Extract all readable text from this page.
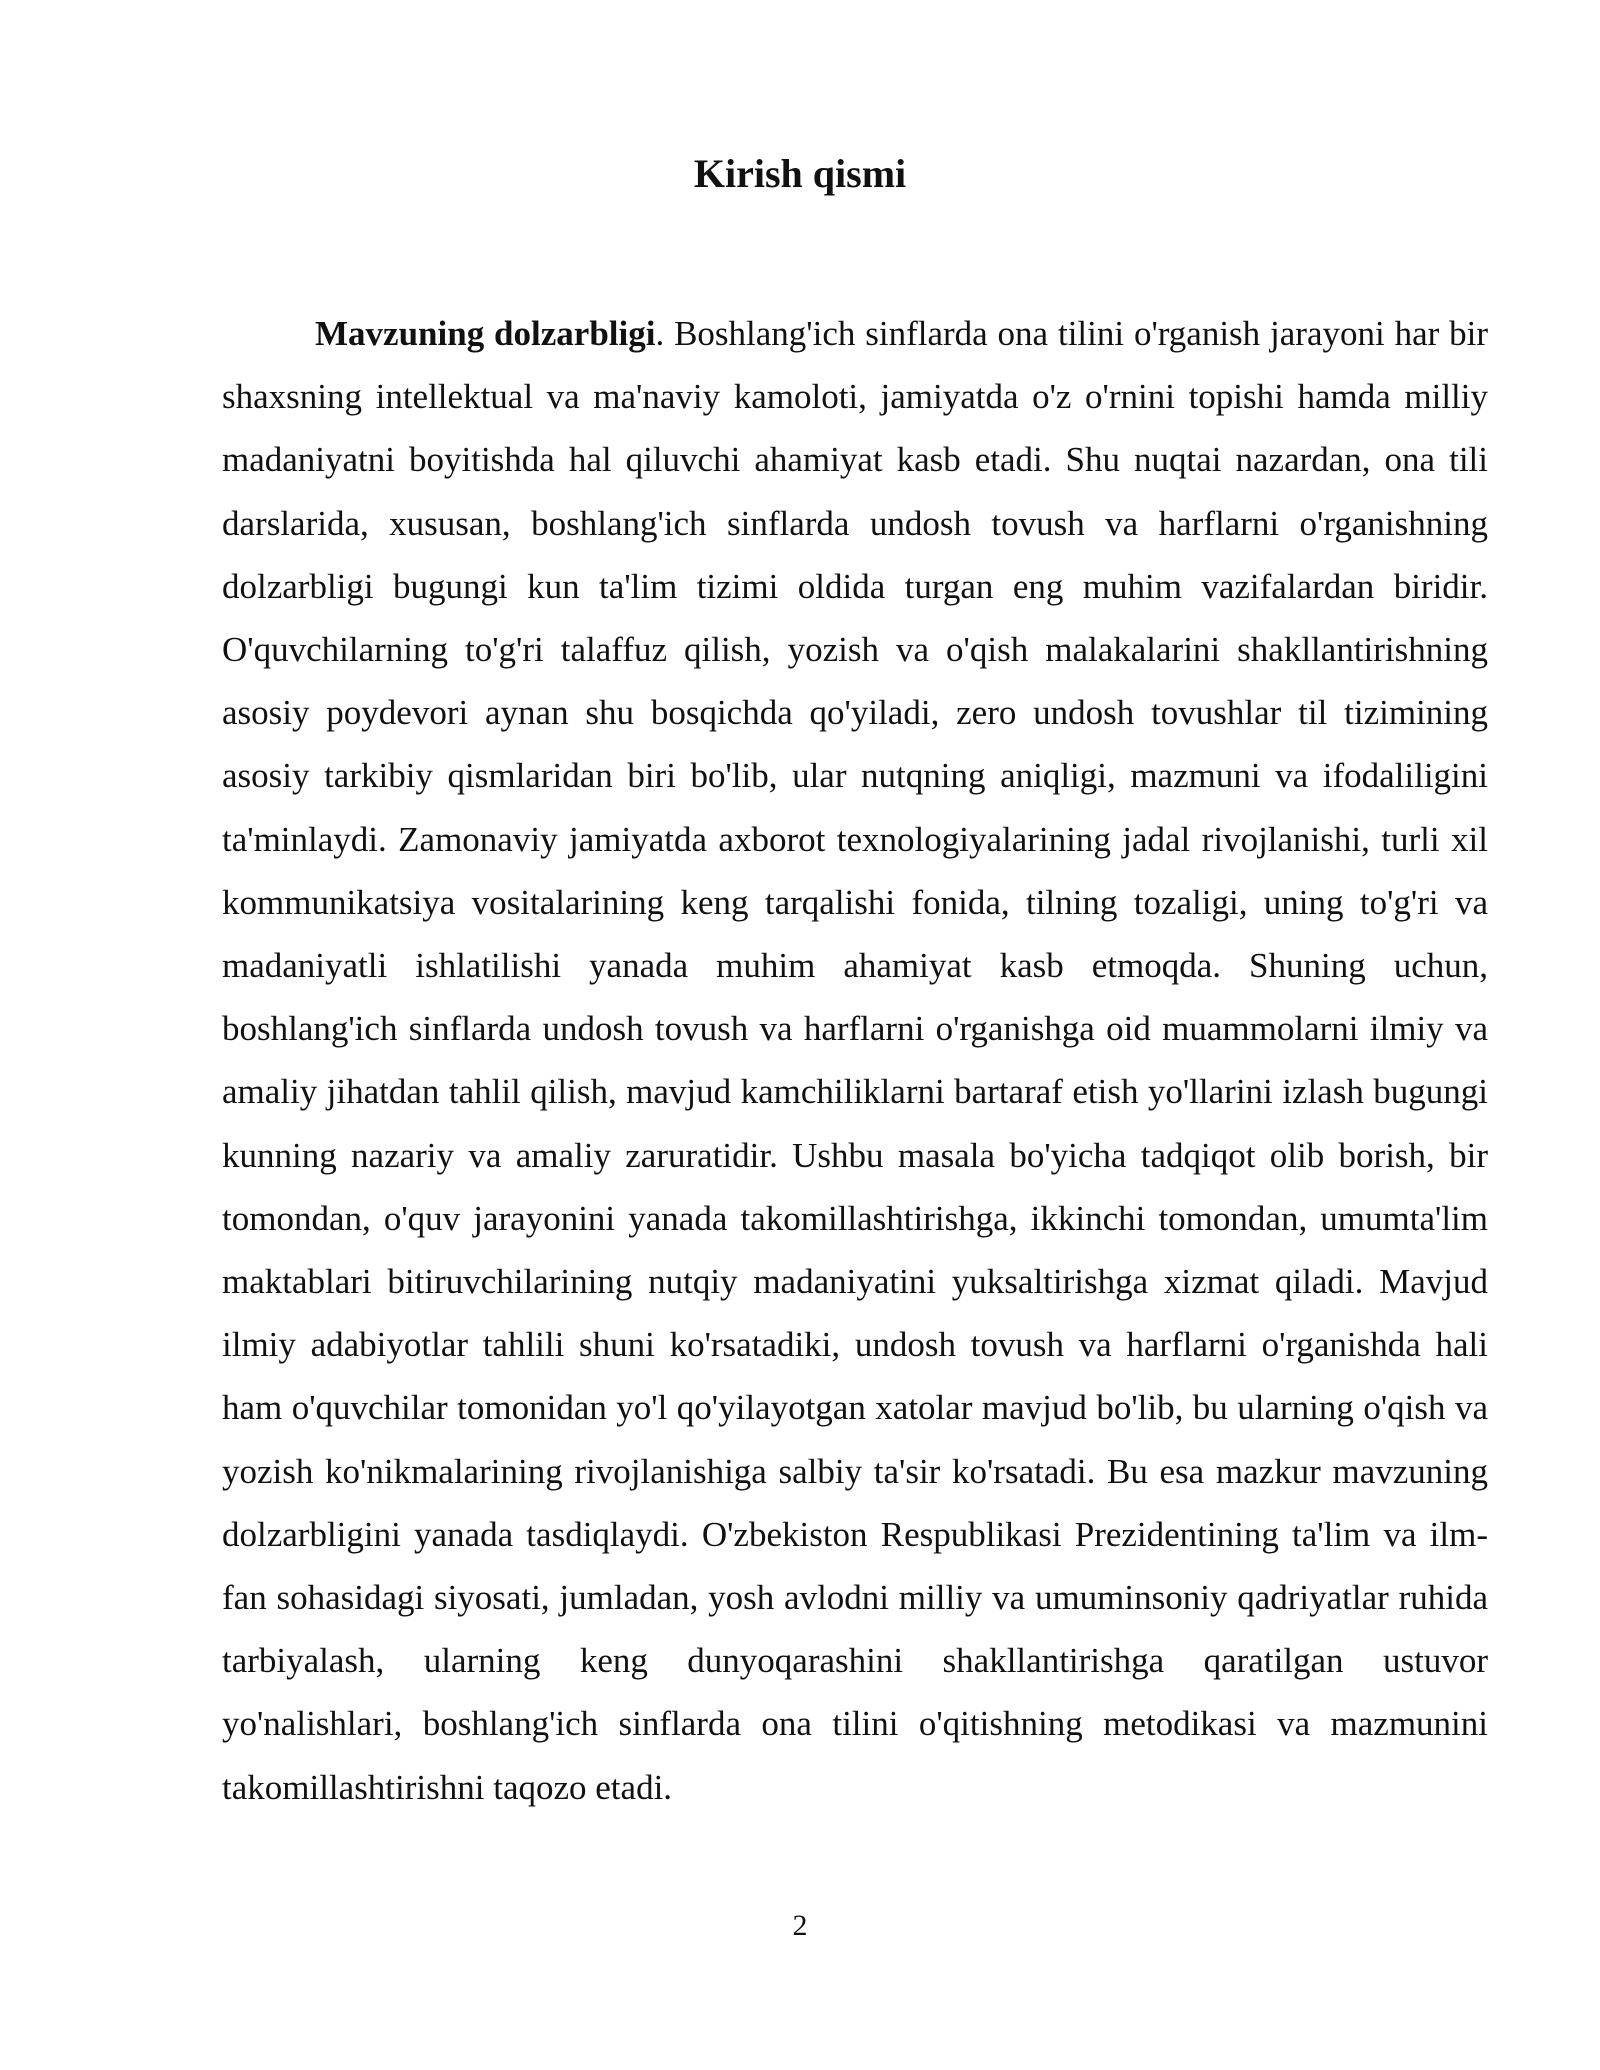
Kirish qismi

Mavzuning dolzarbligi. Boshlang'ich sinflarda ona tilini o'rganish jarayoni har bir shaxsning intellektual va ma'naviy kamoloti, jamiyatda o'z o'rnini topishi hamda milliy madaniyatni boyitishda hal qiluvchi ahamiyat kasb etadi. Shu nuqtai nazardan, ona tili darslarida, xususan, boshlang'ich sinflarda undosh tovush va harflarni o'rganishning dolzarbligi bugungi kun ta'lim tizimi oldida turgan eng muhim vazifalardan biridir. O'quvchilarning to'g'ri talaffuz qilish, yozish va o'qish malakalarini shakllantirishning asosiy poydevori aynan shu bosqichda qo'yiladi, zero undosh tovushlar til tizimining asosiy tarkibiy qismlaridan biri bo'lib, ular nutqning aniqligi, mazmuni va ifodaliligini ta'minlaydi. Zamonaviy jamiyatda axborot texnologiyalarining jadal rivojlanishi, turli xil kommunikatsiya vositalarining keng tarqalishi fonida, tilning tozaligi, uning to'g'ri va madaniyatli ishlatilishi yanada muhim ahamiyat kasb etmoqda. Shuning uchun, boshlang'ich sinflarda undosh tovush va harflarni o'rganishga oid muammolarni ilmiy va amaliy jihatdan tahlil qilish, mavjud kamchiliklarni bartaraf etish yo'llarini izlash bugungi kunning nazariy va amaliy zaruratidir. Ushbu masala bo'yicha tadqiqot olib borish, bir tomondan, o'quv jarayonini yanada takomillashtirishga, ikkinchi tomondan, umumta'lim maktablari bitiruvchilarining nutqiy madaniyatini yuksaltirishga xizmat qiladi. Mavjud ilmiy adabiyotlar tahlili shuni ko'rsatadiki, undosh tovush va harflarni o'rganishda hali ham o'quvchilar tomonidan yo'l qo'yilayotgan xatolar mavjud bo'lib, bu ularning o'qish va yozish ko'nikmalarining rivojlanishiga salbiy ta'sir ko'rsatadi. Bu esa mazkur mavzuning dolzarbligini yanada tasdiqlaydi. O'zbekiston Respublikasi Prezidentining ta'lim va ilm-fan sohasidagi siyosati, jumladan, yosh avlodni milliy va umuminsoniy qadriyatlar ruhida tarbiyalash, ularning keng dunyoqarashini shakllantirishga qaratilgan ustuvor yo'nalishlari, boshlang'ich sinflarda ona tilini o'qitishning metodikasi va mazmunini takomillashtirishni taqozo etadi.

2
